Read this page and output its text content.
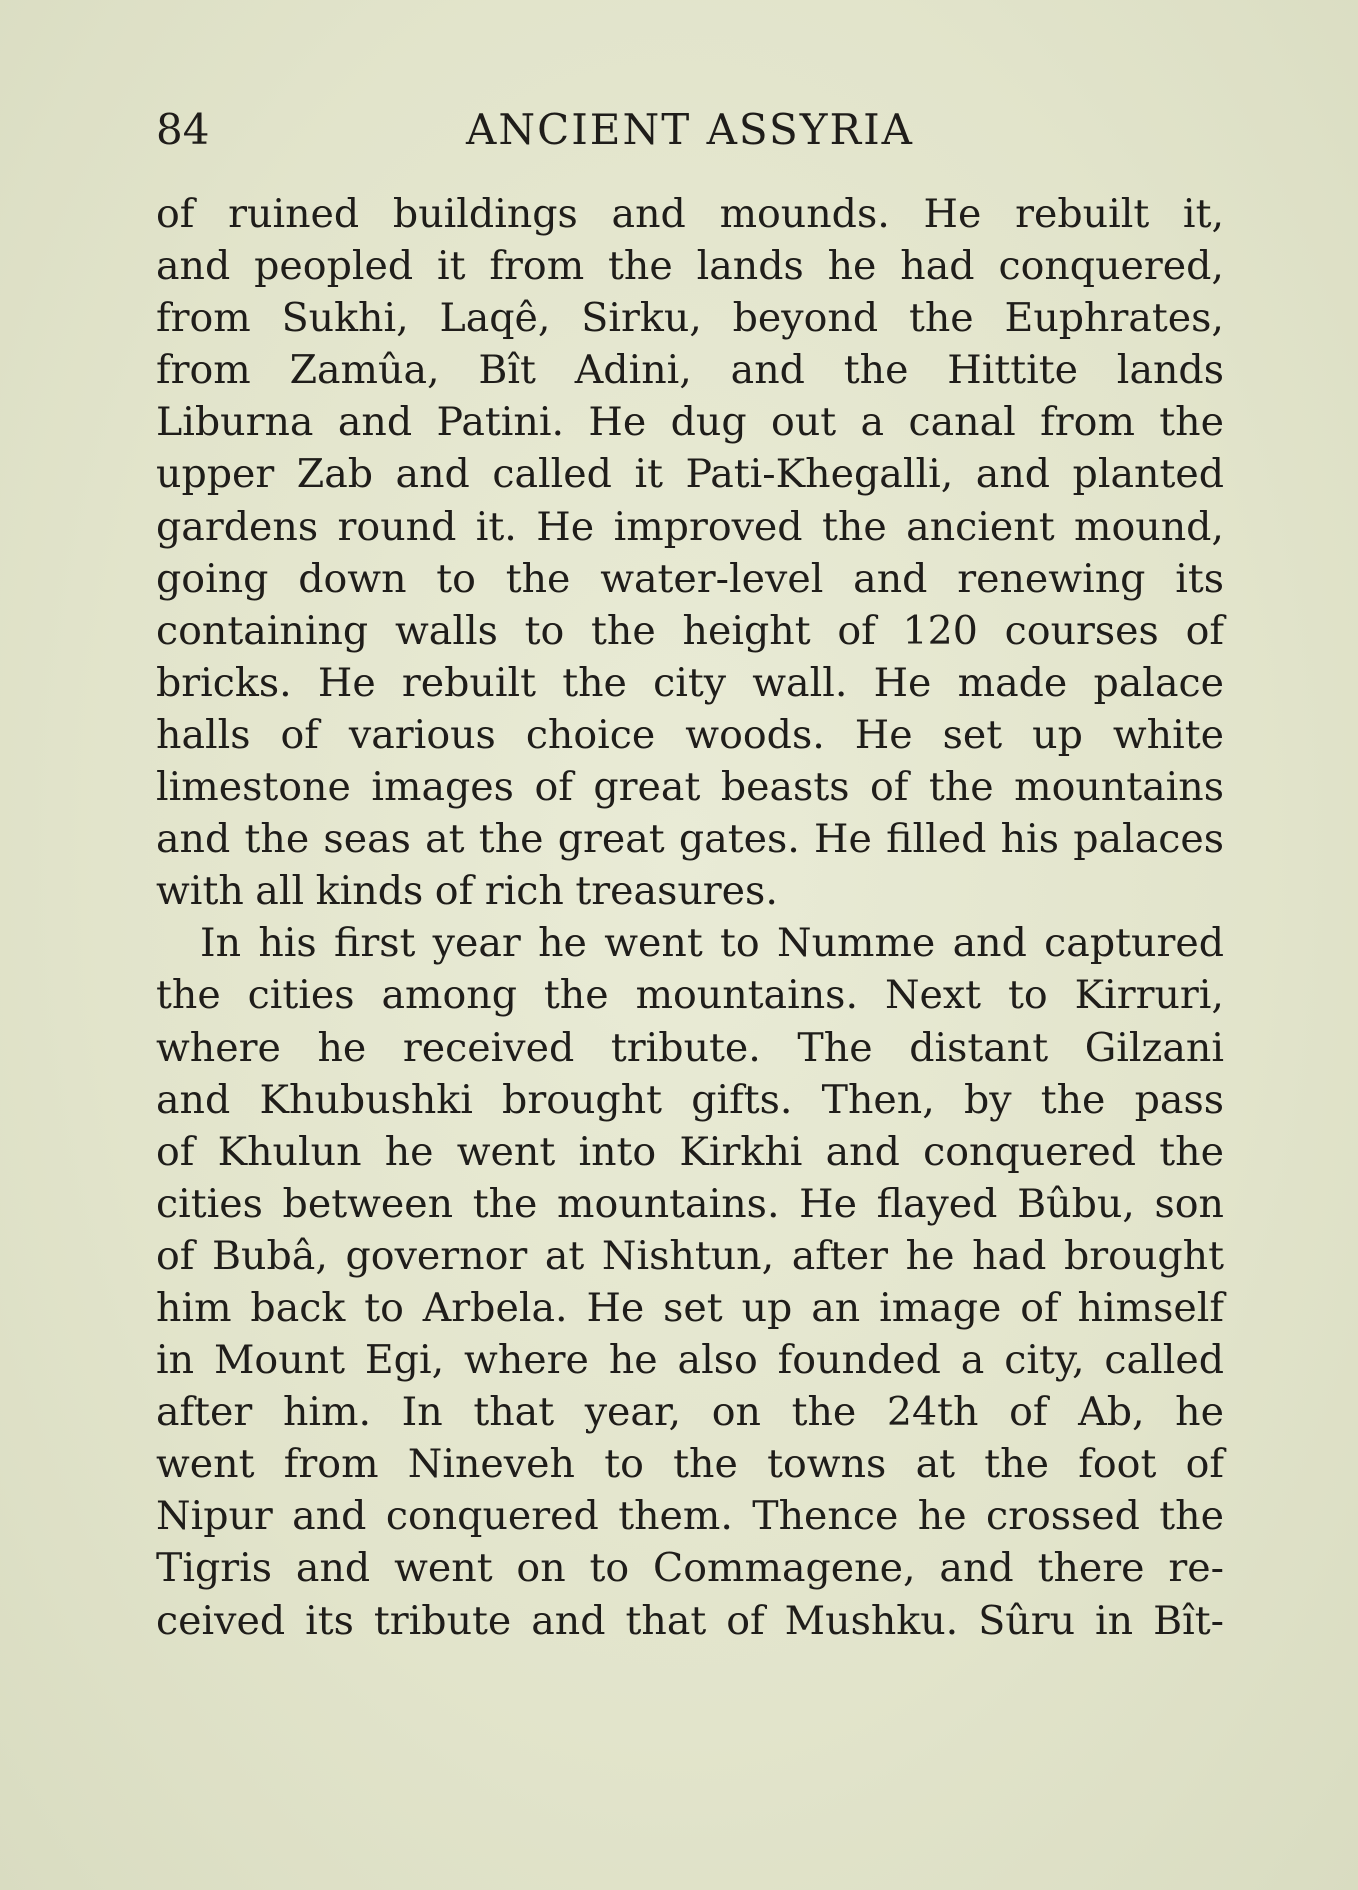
84	ANCIENT ASSYRIA
of ruined buildings and mounds. He rebuilt it,
and peopled it from the lands he had conquered,
from Sukhi, Laqê, Sirku, beyond the Euphrates,
from Zamûa, Bît Adini, and the Hittite lands
Liburna and Patini. He dug out a canal from the
upper Zab and called it Pati-Khegalli, and planted
gardens round it. He improved the ancient mound,
going down to the water-level and renewing its
containing walls to the height of 120 courses of
bricks. He rebuilt the city wall. He made palace
halls of various choice woods. He set up white
limestone images of great beasts of the mountains
and the seas at the great gates. He filled his palaces
with all kinds of rich treasures.
In his first year he went to Numme and captured
the cities among the mountains. Next to Kirruri,
where he received tribute. The distant Gilzani
and Khubushki brought gifts. Then, by the pass
of Khulun he went into Kirkhi and conquered the
cities between the mountains. He flayed Bûbu, son
of Bubâ, governor at Nishtun, after he had brought
him back to Arbela. He set up an image of himself
in Mount Egi, where he also founded a city, called
after him. In that year, on the 24th of Ab, he
went from Nineveh to the towns at the foot of
Nipur and conquered them. Thence he crossed the
Tigris and went on to Commagene, and there re-
ceived its tribute and that of Mushku. Sûru in Bît-
